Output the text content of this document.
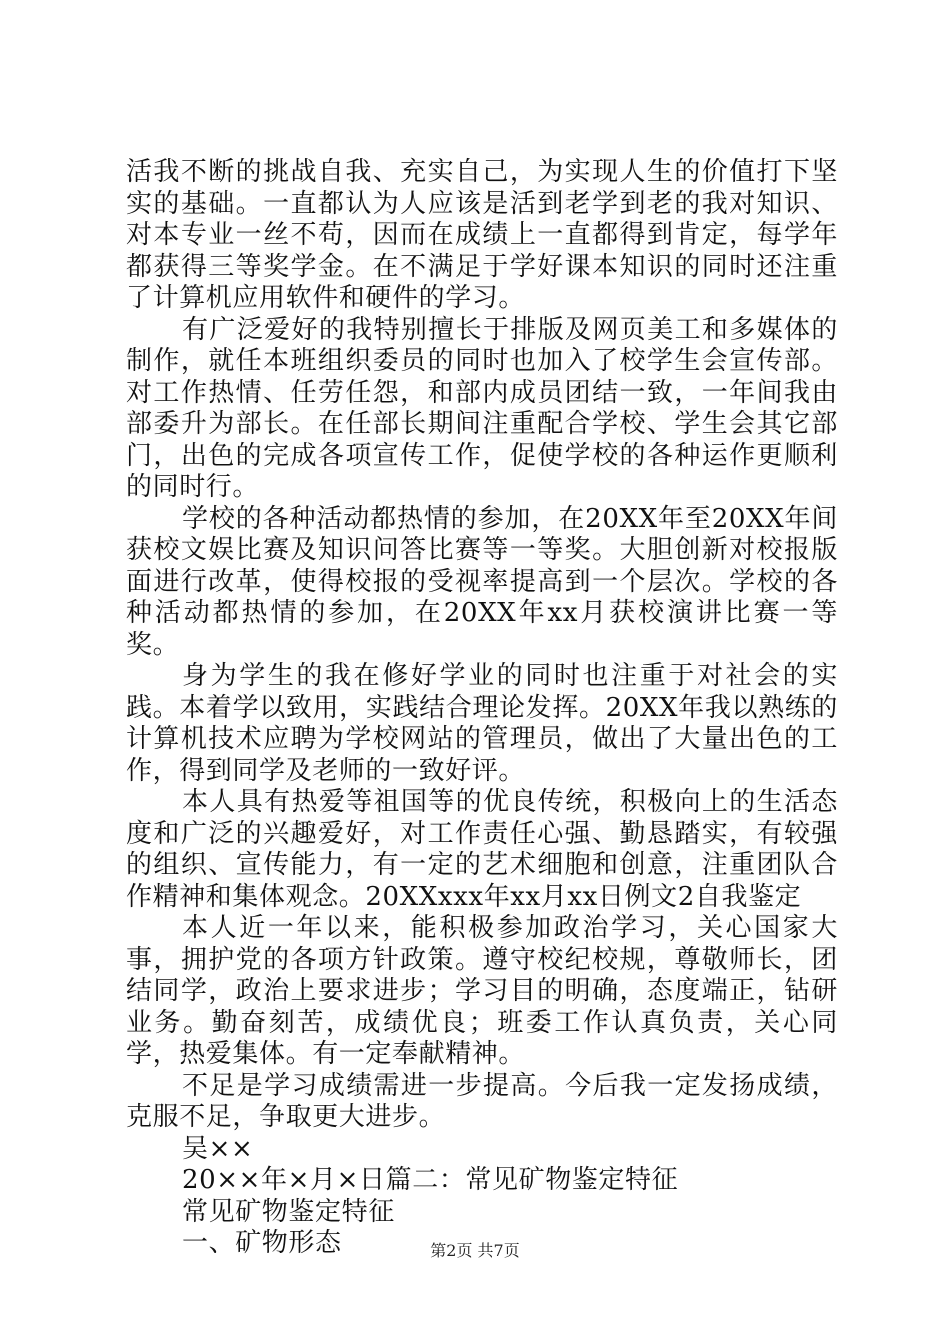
活我不断的挑战自我、充实自己，为实现人生的价值打下坚实的基础。一直都认为人应该是活到老学到老的我对知识、对本专业一丝不苟，因而在成绩上一直都得到肯定，每学年都获得三等奖学金。在不满足于学好课本知识的同时还注重了计算机应用软件和硬件的学习。

有广泛爱好的我特别擅长于排版及网页美工和多媒体的制作，就任本班组织委员的同时也加入了校学生会宣传部。对工作热情、任劳任怨，和部内成员团结一致，一年间我由部委升为部长。在任部长期间注重配合学校、学生会其它部门，出色的完成各项宣传工作，促使学校的各种运作更顺利的同时行。

学校的各种活动都热情的参加，在20XX年至20XX年间获校文娱比赛及知识问答比赛等一等奖。大胆创新对校报版面进行改革，使得校报的受视率提高到一个层次。学校的各种活动都热情的参加，在20XX年xx月获校演讲比赛一等奖。

身为学生的我在修好学业的同时也注重于对社会的实践。本着学以致用，实践结合理论发挥。20XX年我以熟练的计算机技术应聘为学校网站的管理员，做出了大量出色的工作，得到同学及老师的一致好评。

本人具有热爱等祖国等的优良传统，积极向上的生活态度和广泛的兴趣爱好，对工作责任心强、勤恳踏实，有较强的组织、宣传能力，有一定的艺术细胞和创意，注重团队合作精神和集体观念。20XXxxx年xx月xx日例文2自我鉴定

本人近一年以来，能积极参加政治学习，关心国家大事，拥护党的各项方针政策。遵守校纪校规，尊敬师长，团结同学，政治上要求进步；学习目的明确，态度端正，钻研业务。勤奋刻苦，成绩优良；班委工作认真负责，关心同学，热爱集体。有一定奉献精神。

不足是学习成绩需进一步提高。今后我一定发扬成绩，克服不足，争取更大进步。

吴××

20××年×月×日篇二：常见矿物鉴定特征

常见矿物鉴定特征

一、矿物形态	第2页 共7页
